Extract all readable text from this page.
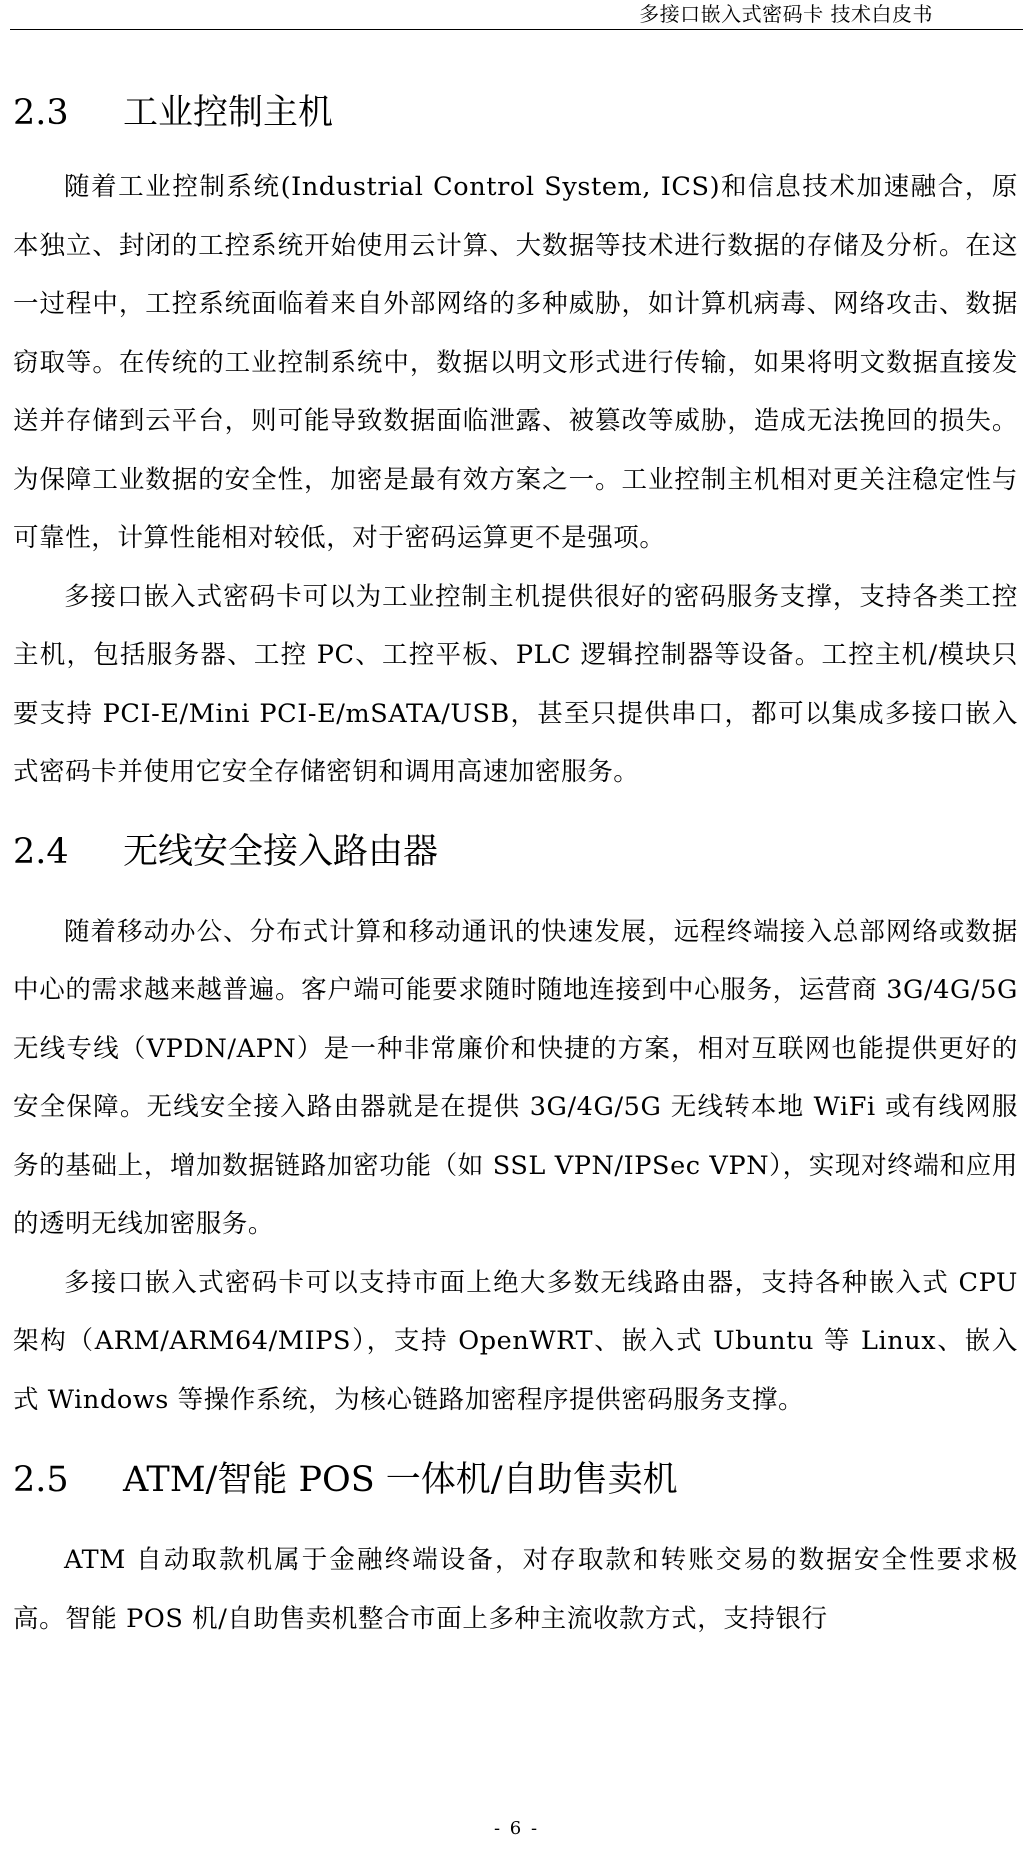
多接口嵌入式密码卡 技术白皮书
2.3 工业控制主机

随着工业控制系统(Industrial Control System, ICS)和信息技术加速融合，原本独立、封闭的工控系统开始使用云计算、大数据等技术进行数据的存储及分析。在这一过程中，工控系统面临着来自外部网络的多种威胁，如计算机病毒、网络攻击、数据窃取等。在传统的工业控制系统中，数据以明文形式进行传输，如果将明文数据直接发送并存储到云平台，则可能导致数据面临泄露、被篡改等威胁，造成无法挽回的损失。为保障工业数据的安全性，加密是最有效方案之一。工业控制主机相对更关注稳定性与可靠性，计算性能相对较低，对于密码运算更不是强项。

多接口嵌入式密码卡可以为工业控制主机提供很好的密码服务支撑，支持各类工控主机，包括服务器、工控 PC、工控平板、PLC 逻辑控制器等设备。工控主机/模块只要支持 PCI-E/Mini PCI-E/mSATA/USB，甚至只提供串口，都可以集成多接口嵌入式密码卡并使用它安全存储密钥和调用高速加密服务。

2.4 无线安全接入路由器

随着移动办公、分布式计算和移动通讯的快速发展，远程终端接入总部网络或数据中心的需求越来越普遍。客户端可能要求随时随地连接到中心服务，运营商 3G/4G/5G 无线专线（VPDN/APN）是一种非常廉价和快捷的方案，相对互联网也能提供更好的安全保障。无线安全接入路由器就是在提供 3G/4G/5G 无线转本地 WiFi 或有线网服务的基础上，增加数据链路加密功能（如 SSL VPN/IPSec VPN），实现对终端和应用的透明无线加密服务。

多接口嵌入式密码卡可以支持市面上绝大多数无线路由器，支持各种嵌入式 CPU 架构（ARM/ARM64/MIPS），支持 OpenWRT、嵌入式 Ubuntu 等 Linux、嵌入式 Windows 等操作系统，为核心链路加密程序提供密码服务支撑。

2.5 ATM/智能 POS 一体机/自助售卖机

ATM 自动取款机属于金融终端设备，对存取款和转账交易的数据安全性要求极高。智能 POS 机/自助售卖机整合市面上多种主流收款方式，支持银行

- 6 -
